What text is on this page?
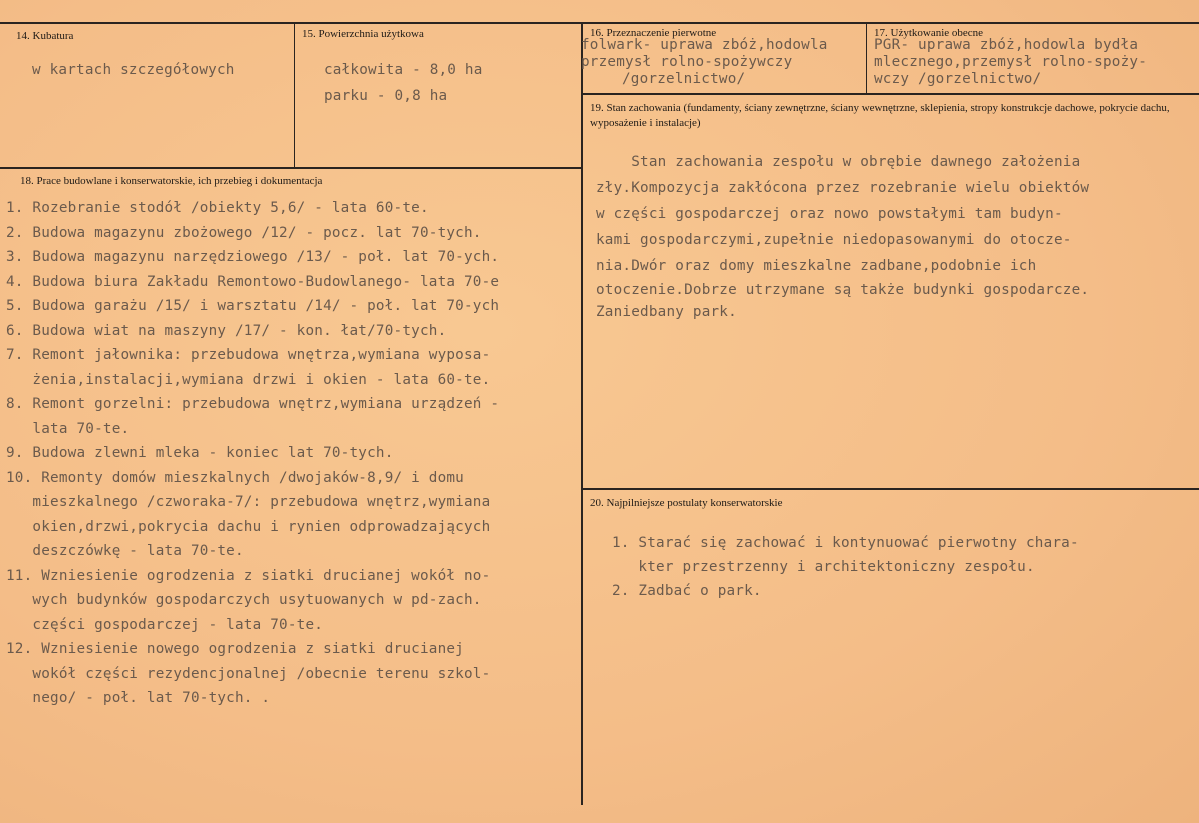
14. Kubatura
w kartach szczegółowych
15. Powierzchnia użytkowa
całkowita - 8,0 ha
parku - 0,8 ha
16. Przeznaczenie pierwotne
folwark- uprawa zbóż,hodowla
przemysł rolno-spożywczy
/gorzelnictwo/
17. Użytkowanie obecne
PGR- uprawa zbóż,hodowla bydła
mlecznego,przemysł rolno-spoży-
wczy /gorzelnictwo/
18. Prace budowlane i konserwatorskie, ich przebieg i dokumentacja
1. Rozebranie stodół /obiekty 5,6/ - lata 60-te.
2. Budowa magazynu zbożowego /12/ - pocz. lat 70-tych.
3. Budowa magazynu narzędziowego /13/ - poł. lat 70-ych.
4. Budowa biura Zakładu Remontowo-Budowlanego- lata 70-e
5. Budowa garażu /15/ i warsztatu /14/ - poł. lat 70-ych
6. Budowa wiat na maszyny /17/ - kon. łat/70-tych.
7. Remont jałownika: przebudowa wnętrza,wymiana wyposa-
żenia,instalacji,wymiana drzwi i okien - lata 60-te.
8. Remont gorzelni: przebudowa wnętrz,wymiana urządzeń -
lata 70-te.
9. Budowa zlewni mleka - koniec lat 70-tych.
10. Remonty domów mieszkalnych /dwojaków-8,9/ i domu
mieszkalnego /czworaka-7/: przebudowa wnętrz,wymiana
okien,drzwi,pokrycia dachu i rynien odprowadzających
deszczówkę - lata 70-te.
11. Wzniesienie ogrodzenia z siatki drucianej wokół no-
wych budynków gospodarczych usytuowanych w pd-zach.
części gospodarczej - lata 70-te.
12. Wzniesienie nowego ogrodzenia z siatki drucianej
wokół części rezydencjonalnej /obecnie terenu szkol-
nego/ - poł. lat 70-tych. .
19. Stan zachowania (fundamenty, ściany zewnętrzne, ściany wewnętrzne, sklepienia, stropy konstrukcje dachowe, pokrycie dachu, wyposażenie i instalacje)
Stan zachowania zespołu w obrębie dawnego założenia
zły.Kompozycja zakłócona przez rozebranie wielu obiektów
w części gospodarczej oraz nowo powstałymi tam budyn-
kami gospodarczymi,zupełnie niedopasowanymi do otocze-
nia.Dwór oraz domy mieszkalne zadbane,podobnie ich
otoczenie.Dobrze utrzymane są także budynki gospodarcze.
Zaniedbany park.
20. Najpilniejsze postulaty konserwatorskie
1. Starać się zachować i kontynuować pierwotny chara-
kter przestrzenny i architektoniczny zespołu.
2. Zadbać o park.
